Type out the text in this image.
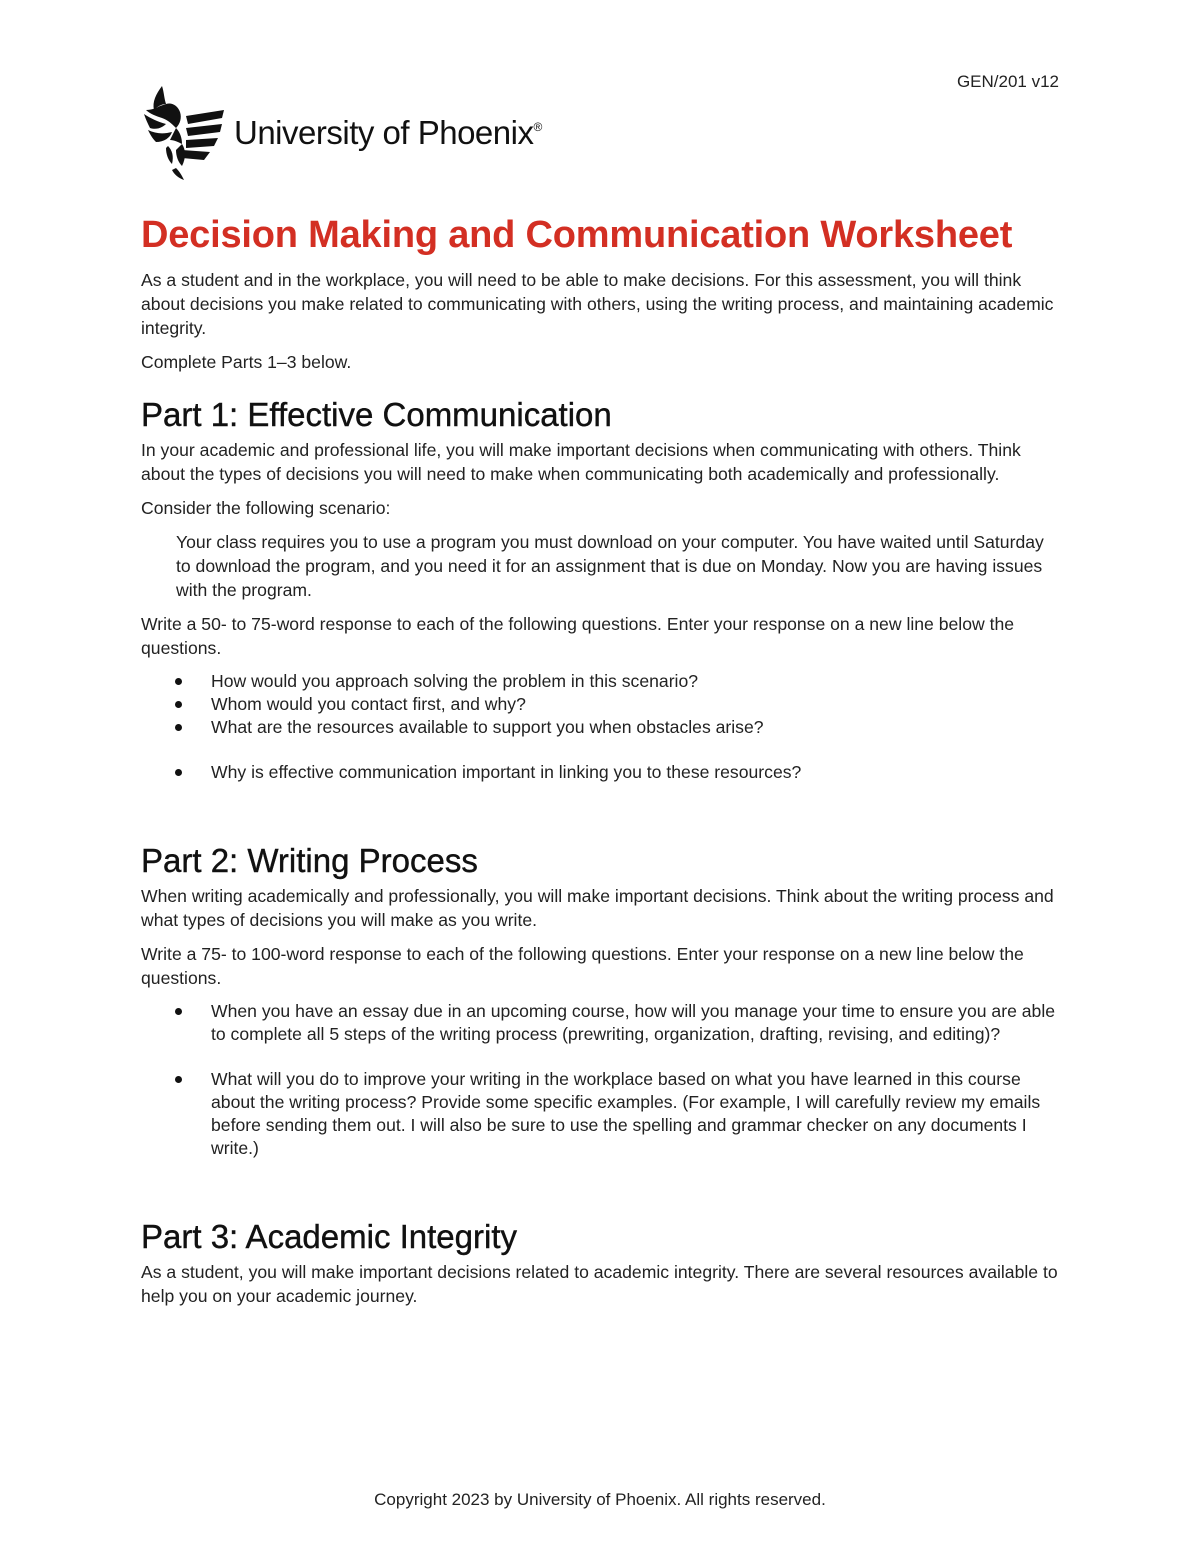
GEN/201 v12
University of Phoenix®
Decision Making and Communication Worksheet

As a student and in the workplace, you will need to be able to make decisions. For this assessment, you will think about decisions you make related to communicating with others, using the writing process, and maintaining academic integrity.

Complete Parts 1–3 below.

Part 1: Effective Communication

In your academic and professional life, you will make important decisions when communicating with others. Think about the types of decisions you will need to make when communicating both academically and professionally.

Consider the following scenario:

Your class requires you to use a program you must download on your computer. You have waited until Saturday to download the program, and you need it for an assignment that is due on Monday. Now you are having issues with the program.

Write a 50- to 75-word response to each of the following questions. Enter your response on a new line below the questions.

How would you approach solving the problem in this scenario?
Whom would you contact first, and why?
What are the resources available to support you when obstacles arise?
Why is effective communication important in linking you to these resources?
Part 2: Writing Process

When writing academically and professionally, you will make important decisions. Think about the writing process and what types of decisions you will make as you write.

Write a 75- to 100-word response to each of the following questions. Enter your response on a new line below the questions.

When you have an essay due in an upcoming course, how will you manage your time to ensure you are able to complete all 5 steps of the writing process (prewriting, organization, drafting, revising, and editing)?
What will you do to improve your writing in the workplace based on what you have learned in this course about the writing process? Provide some specific examples. (For example, I will carefully review my emails before sending them out. I will also be sure to use the spelling and grammar checker on any documents I write.)
Part 3: Academic Integrity

As a student, you will make important decisions related to academic integrity. There are several resources available to help you on your academic journey.

Copyright 2023 by University of Phoenix. All rights reserved.
